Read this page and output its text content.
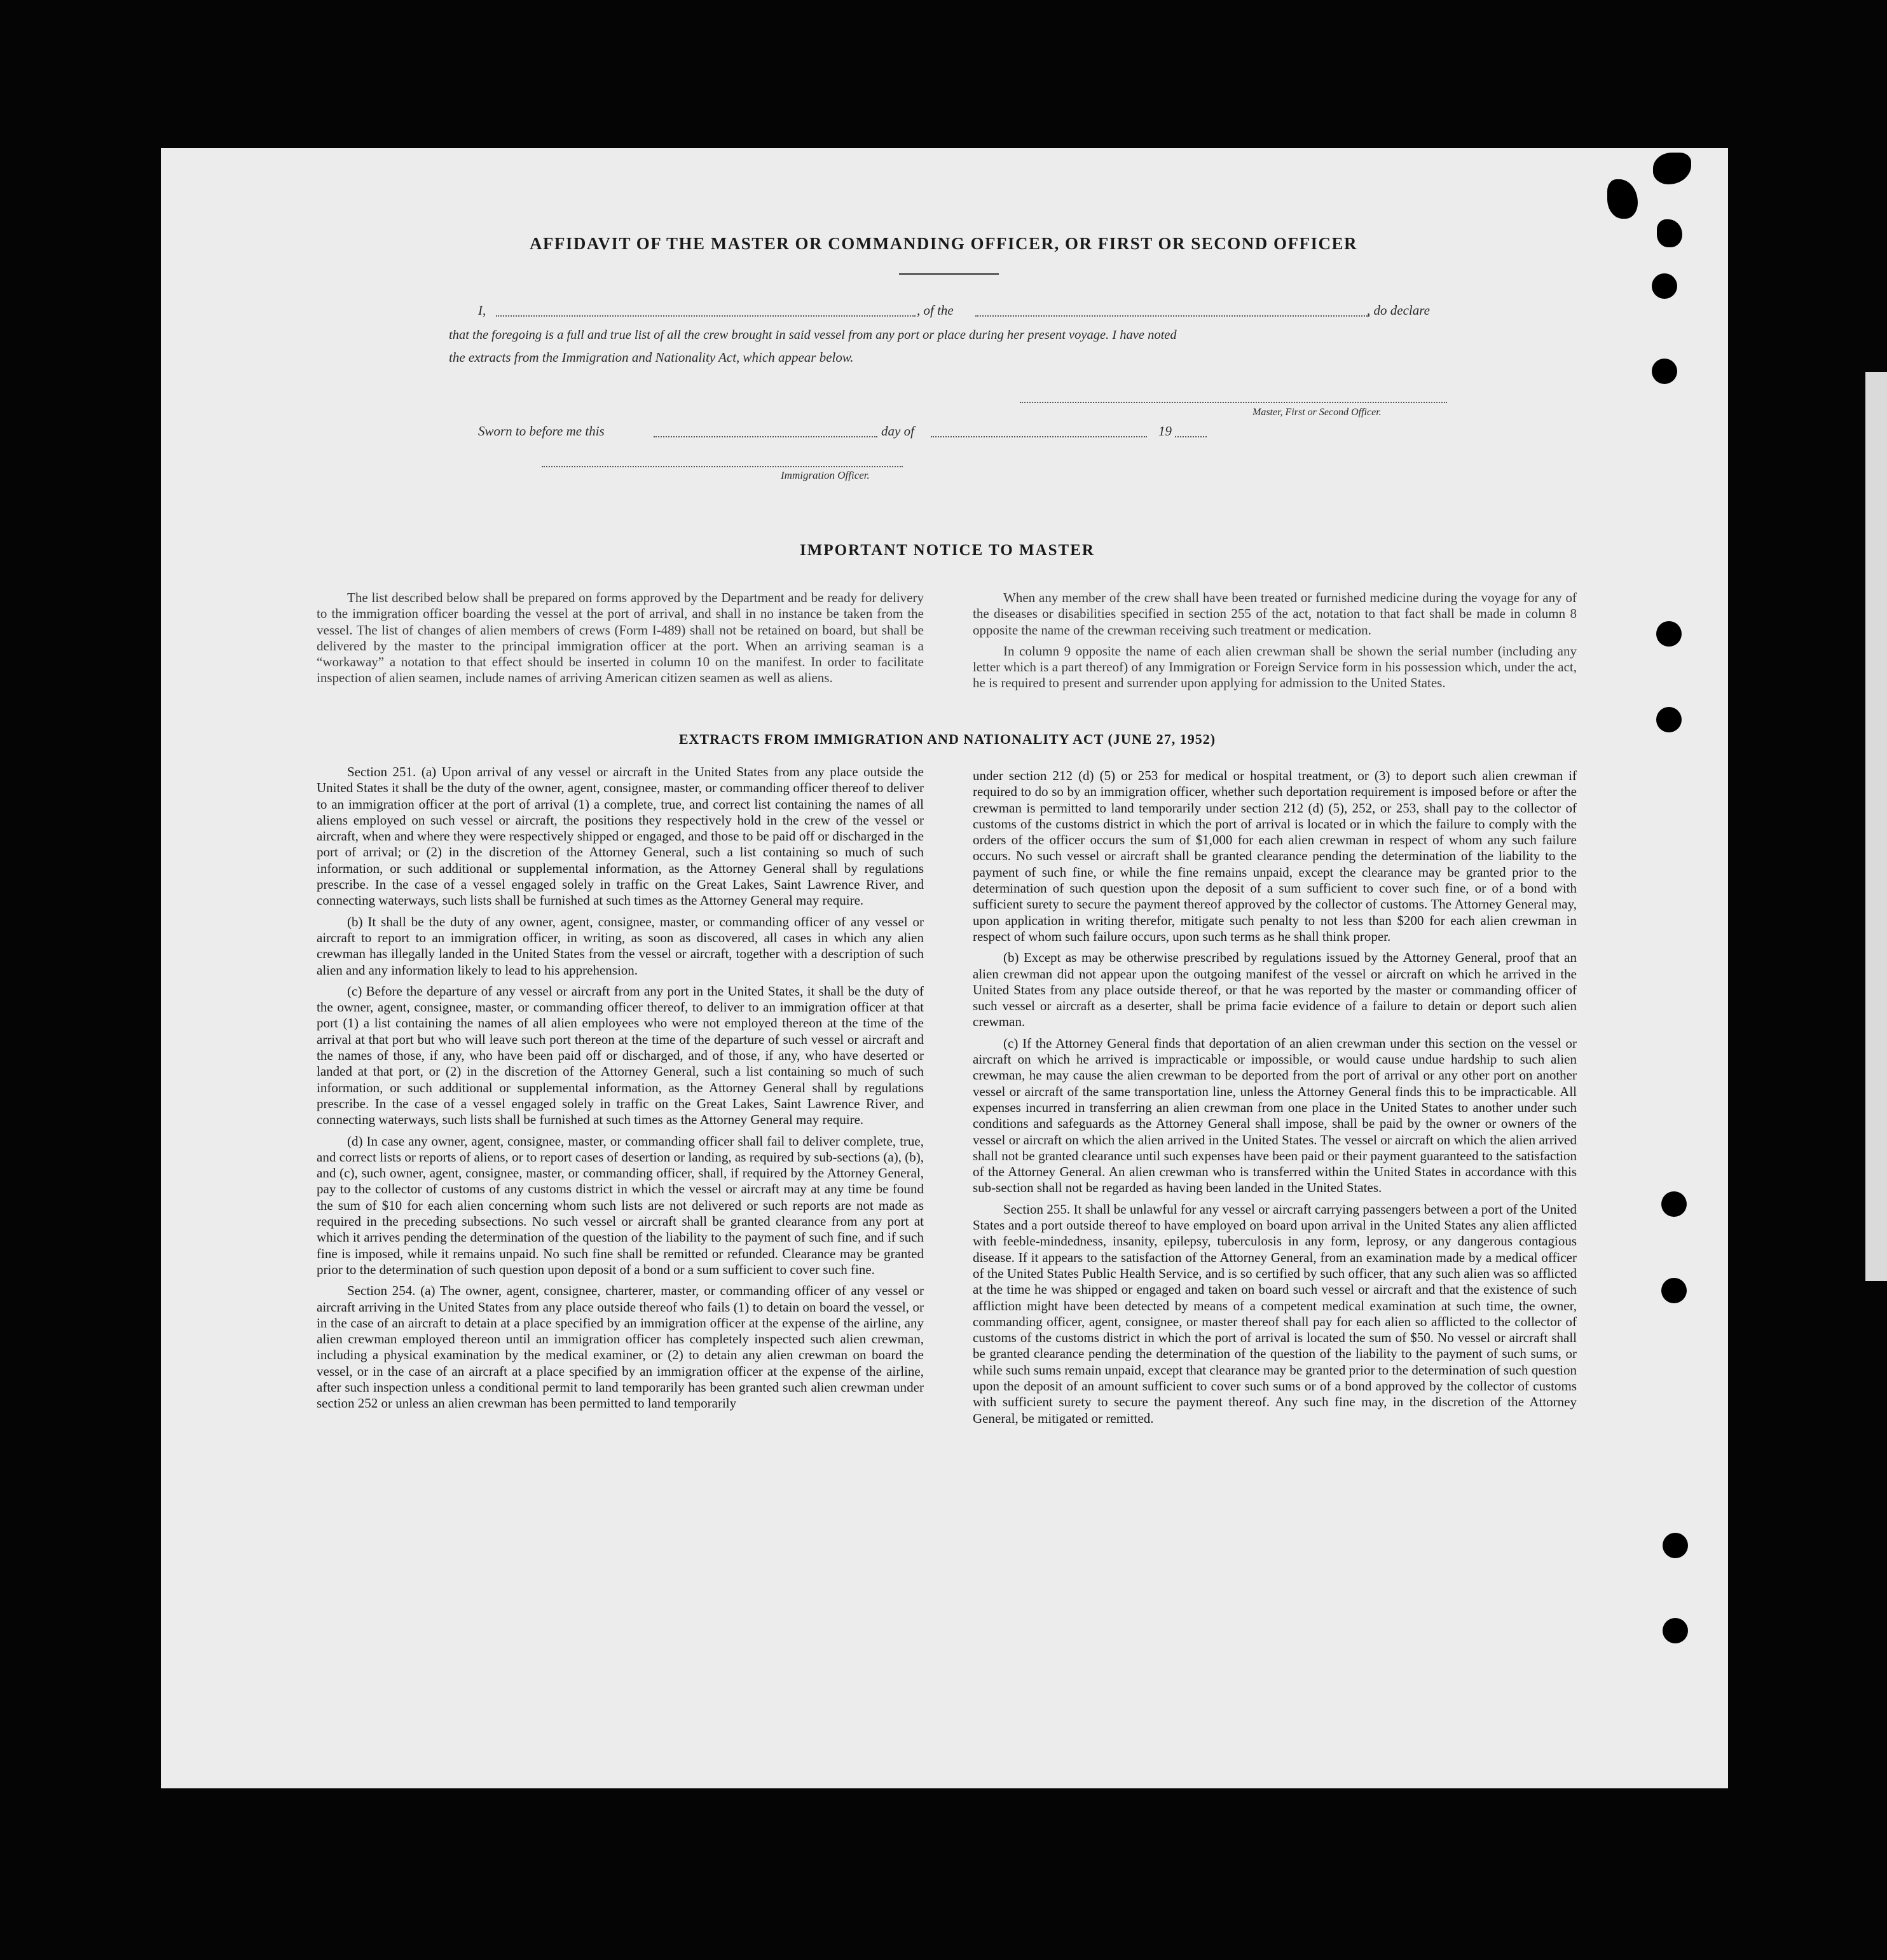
AFFIDAVIT OF THE MASTER OR COMMANDING OFFICER, OR FIRST OR SECOND OFFICER
I,	, of the	, do declare
that the foregoing is a full and true list of all the crew brought in said vessel from any port or place during her present voyage. I have noted
the extracts from the Immigration and Nationality Act, which appear below.
Master, First or Second Officer.
Sworn to before me this	day of	19
Immigration Officer.
IMPORTANT NOTICE TO MASTER

The list described below shall be prepared on forms approved by the Department and be ready for delivery to the immigration officer boarding the vessel at the port of arrival, and shall in no instance be taken from the vessel. The list of changes of alien members of crews (Form I-489) shall not be retained on board, but shall be delivered by the master to the principal immigration officer at the port. When an arriving seaman is a “workaway” a notation to that effect should be inserted in column 10 on the manifest. In order to facilitate inspection of alien seamen, include names of arriving American citizen seamen as well as aliens.

When any member of the crew shall have been treated or furnished medicine during the voyage for any of the diseases or disabilities specified in section 255 of the act, notation to that fact shall be made in column 8 opposite the name of the crewman receiving such treatment or medication.

In column 9 opposite the name of each alien crewman shall be shown the serial number (including any letter which is a part thereof) of any Immigration or Foreign Service form in his possession which, under the act, he is required to present and surrender upon applying for admission to the United States.

EXTRACTS FROM IMMIGRATION AND NATIONALITY ACT (JUNE 27, 1952)

Section 251. (a) Upon arrival of any vessel or aircraft in the United States from any place outside the United States it shall be the duty of the owner, agent, consignee, master, or commanding officer thereof to deliver to an immigration officer at the port of arrival (1) a complete, true, and correct list containing the names of all aliens employed on such vessel or aircraft, the positions they respectively hold in the crew of the vessel or aircraft, when and where they were respectively shipped or engaged, and those to be paid off or discharged in the port of arrival; or (2) in the discretion of the Attorney General, such a list containing so much of such information, or such additional or supplemental information, as the Attorney General shall by regulations prescribe. In the case of a vessel engaged solely in traffic on the Great Lakes, Saint Lawrence River, and connecting waterways, such lists shall be furnished at such times as the Attorney General may require.

(b) It shall be the duty of any owner, agent, consignee, master, or commanding officer of any vessel or aircraft to report to an immigration officer, in writing, as soon as discovered, all cases in which any alien crewman has illegally landed in the United States from the vessel or aircraft, together with a description of such alien and any information likely to lead to his apprehension.

(c) Before the departure of any vessel or aircraft from any port in the United States, it shall be the duty of the owner, agent, consignee, master, or commanding officer thereof, to deliver to an immigration officer at that port (1) a list containing the names of all alien employees who were not employed thereon at the time of the arrival at that port but who will leave such port thereon at the time of the departure of such vessel or aircraft and the names of those, if any, who have been paid off or discharged, and of those, if any, who have deserted or landed at that port, or (2) in the discretion of the Attorney General, such a list containing so much of such information, or such additional or supplemental information, as the Attorney General shall by regulations prescribe. In the case of a vessel engaged solely in traffic on the Great Lakes, Saint Lawrence River, and connecting waterways, such lists shall be furnished at such times as the Attorney General may require.

(d) In case any owner, agent, consignee, master, or commanding officer shall fail to deliver complete, true, and correct lists or reports of aliens, or to report cases of desertion or landing, as required by sub-sections (a), (b), and (c), such owner, agent, consignee, master, or commanding officer, shall, if required by the Attorney General, pay to the collector of customs of any customs district in which the vessel or aircraft may at any time be found the sum of $10 for each alien concerning whom such lists are not delivered or such reports are not made as required in the preceding subsections. No such vessel or aircraft shall be granted clearance from any port at which it arrives pending the determination of the question of the liability to the payment of such fine, and if such fine is imposed, while it remains unpaid. No such fine shall be remitted or refunded. Clearance may be granted prior to the determination of such question upon deposit of a bond or a sum sufficient to cover such fine.

Section 254. (a) The owner, agent, consignee, charterer, master, or commanding officer of any vessel or aircraft arriving in the United States from any place outside thereof who fails (1) to detain on board the vessel, or in the case of an aircraft to detain at a place specified by an immigration officer at the expense of the airline, any alien crewman employed thereon until an immigration officer has completely inspected such alien crewman, including a physical examination by the medical examiner, or (2) to detain any alien crewman on board the vessel, or in the case of an aircraft at a place specified by an immigration officer at the expense of the airline, after such inspection unless a conditional permit to land temporarily has been granted such alien crewman under section 252 or unless an alien crewman has been permitted to land temporarily

under section 212 (d) (5) or 253 for medical or hospital treatment, or (3) to deport such alien crewman if required to do so by an immigration officer, whether such deportation requirement is imposed before or after the crewman is permitted to land temporarily under section 212 (d) (5), 252, or 253, shall pay to the collector of customs of the customs district in which the port of arrival is located or in which the failure to comply with the orders of the officer occurs the sum of $1,000 for each alien crewman in respect of whom any such failure occurs. No such vessel or aircraft shall be granted clearance pending the determination of the liability to the payment of such fine, or while the fine remains unpaid, except the clearance may be granted prior to the determination of such question upon the deposit of a sum sufficient to cover such fine, or of a bond with sufficient surety to secure the payment thereof approved by the collector of customs. The Attorney General may, upon application in writing therefor, mitigate such penalty to not less than $200 for each alien crewman in respect of whom such failure occurs, upon such terms as he shall think proper.

(b) Except as may be otherwise prescribed by regulations issued by the Attorney General, proof that an alien crewman did not appear upon the outgoing manifest of the vessel or aircraft on which he arrived in the United States from any place outside thereof, or that he was reported by the master or commanding officer of such vessel or aircraft as a deserter, shall be prima facie evidence of a failure to detain or deport such alien crewman.

(c) If the Attorney General finds that deportation of an alien crewman under this section on the vessel or aircraft on which he arrived is impracticable or impossible, or would cause undue hardship to such alien crewman, he may cause the alien crewman to be deported from the port of arrival or any other port on another vessel or aircraft of the same transportation line, unless the Attorney General finds this to be impracticable. All expenses incurred in transferring an alien crewman from one place in the United States to another under such conditions and safeguards as the Attorney General shall impose, shall be paid by the owner or owners of the vessel or aircraft on which the alien arrived in the United States. The vessel or aircraft on which the alien arrived shall not be granted clearance until such expenses have been paid or their payment guaranteed to the satisfaction of the Attorney General. An alien crewman who is transferred within the United States in accordance with this sub-section shall not be regarded as having been landed in the United States.

Section 255. It shall be unlawful for any vessel or aircraft carrying passengers between a port of the United States and a port outside thereof to have employed on board upon arrival in the United States any alien afflicted with feeble-mindedness, insanity, epilepsy, tuberculosis in any form, leprosy, or any dangerous contagious disease. If it appears to the satisfaction of the Attorney General, from an examination made by a medical officer of the United States Public Health Service, and is so certified by such officer, that any such alien was so afflicted at the time he was shipped or engaged and taken on board such vessel or aircraft and that the existence of such affliction might have been detected by means of a competent medical examination at such time, the owner, commanding officer, agent, consignee, or master thereof shall pay for each alien so afflicted to the collector of customs of the customs district in which the port of arrival is located the sum of $50. No vessel or aircraft shall be granted clearance pending the determination of the question of the liability to the payment of such sums, or while such sums remain unpaid, except that clearance may be granted prior to the determination of such question upon the deposit of an amount sufficient to cover such sums or of a bond approved by the collector of customs with sufficient surety to secure the payment thereof. Any such fine may, in the discretion of the Attorney General, be mitigated or remitted.
